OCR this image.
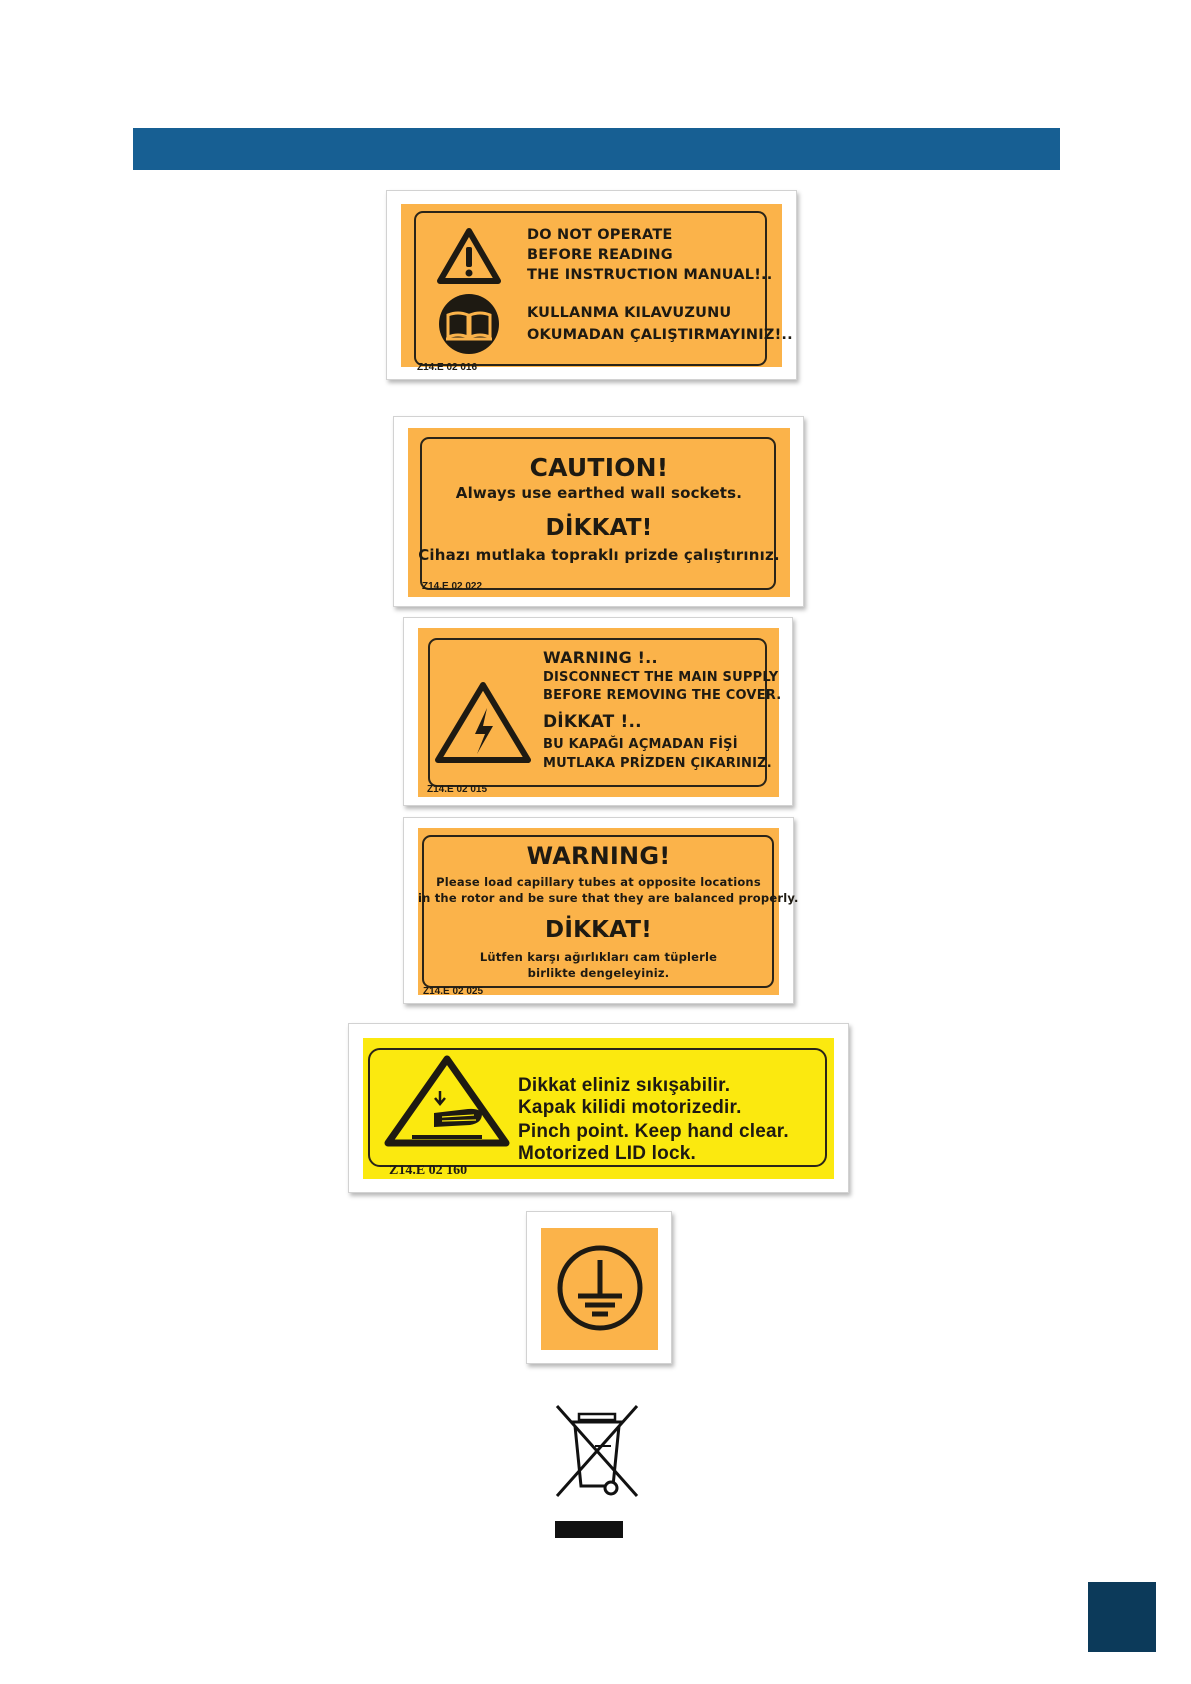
DO NOT OPERATE
BEFORE READING
THE INSTRUCTION MANUAL!..
KULLANMA KILAVUZUNU
OKUMADAN ÇALIŞTIRMAYINIZ!..
Z14.E 02 016
CAUTION!
Always use earthed wall sockets.
DİKKAT!
Cihazı mutlaka topraklı prizde çalıştırınız.
Z14.E 02 022
WARNING !..
DISCONNECT THE MAIN SUPPLY
BEFORE REMOVING THE COVER.
DİKKAT !..
BU KAPAĞI AÇMADAN FİŞİ
MUTLAKA PRİZDEN ÇIKARINIZ.
Z14.E 02 015
WARNING!
Please load capillary tubes at opposite locations
in the rotor and be sure that they are balanced properly.
DİKKAT!
Lütfen karşı ağırlıkları cam tüplerle
birlikte dengeleyiniz.
Z14.E 02 025
Dikkat eliniz sıkışabilir.
Kapak kilidi motorizedir.
Pinch point. Keep hand clear.
Motorized LID lock.
Z14.E 02 160
